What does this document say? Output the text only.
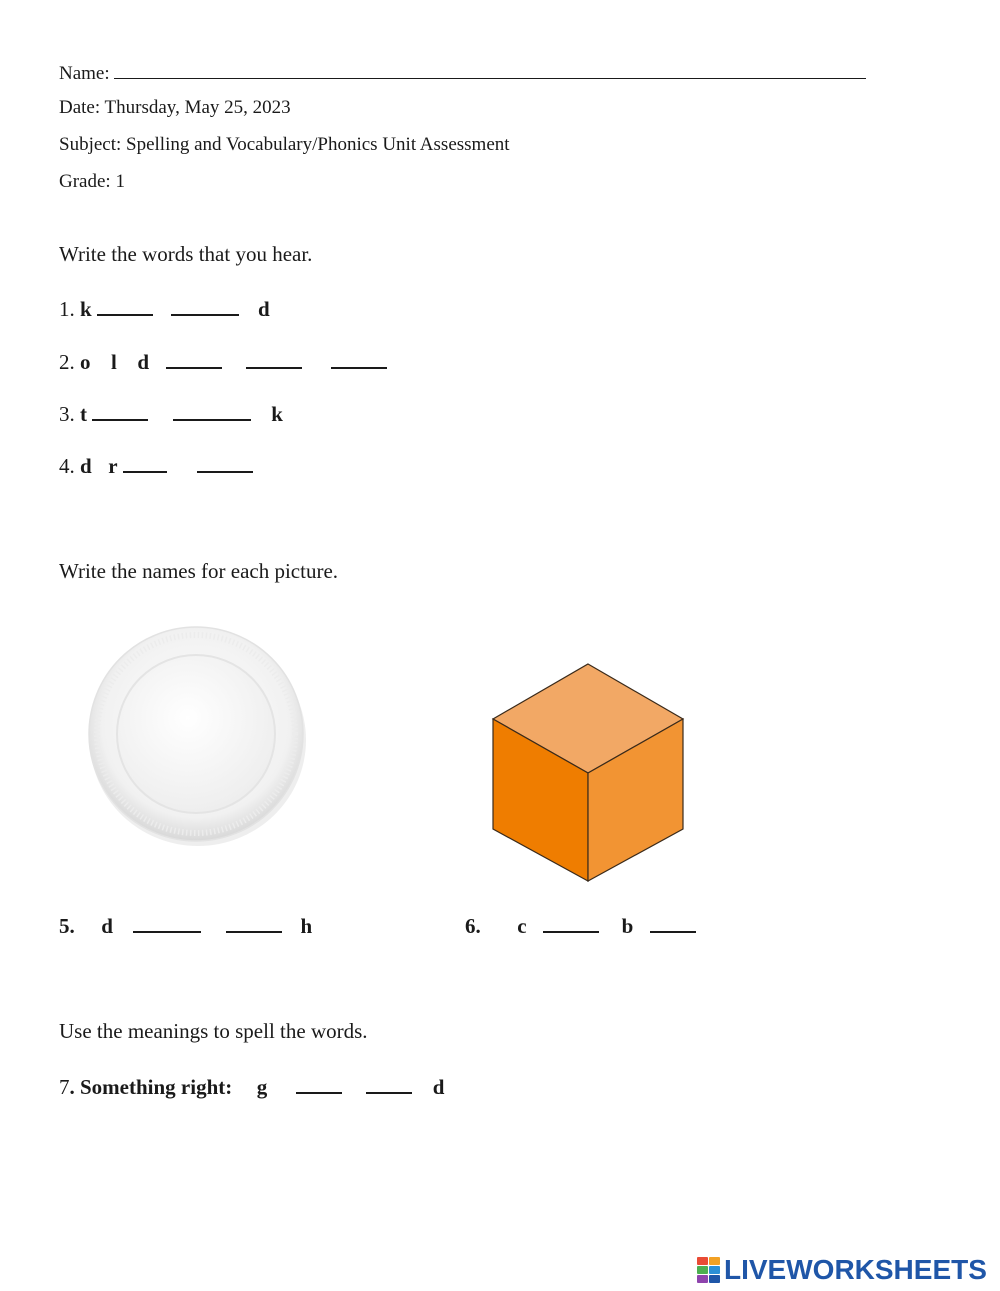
Name:
Date: Thursday, May 25, 2023
Subject: Spelling and Vocabulary/Phonics Unit Assessment
Grade: 1
Write the words that you hear.
1. k	d
2. o l d
3. t	k
4. d r
Write the names for each picture.
5. d	h	6. c	b
Use the meanings to spell the words.
7. Something right: g	d
LIVEWORKSHEETS
